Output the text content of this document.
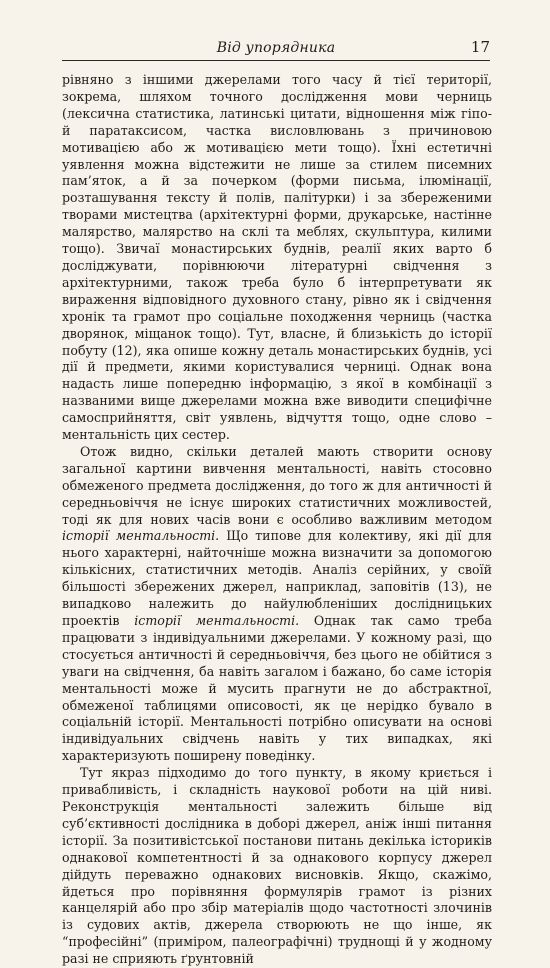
Від упорядника	17

рівняно з іншими джерелами того часу й тієї території, зокрема, шляхом точного дослідження мови черниць (лексична статистика, латинські цитати, відношення між гіпо- й паратаксисом, частка висловлювань з причиновою мотивацією або ж мотивацією мети тощо). Їхні естетичні уявлення можна відстежити не лише за стилем писемних пам’яток, а й за почерком (форми письма, ілюмінації, розташування тексту й полів, палітурки) і за збереженими творами мистецтва (архітектурні форми, друкарське, настінне малярство, малярство на склі та меблях, скульптура, килими тощо). Звичаї монастирських буднів, реалії яких варто б досліджувати, порівнюючи літературні свідчення з архітектурними, також треба було б інтерпретувати як вираження відповідного духовного стану, рівно як і свідчення хронік та грамот про соціальне походження черниць (частка дворянок, міщанок тощо). Тут, власне, й близькість до історії побуту (12), яка опише кожну деталь монастирських буднів, усі дії й предмети, якими користувалися черниці. Однак вона надасть лише попередню інформацію, з якої в комбінації з названими вище джерелами можна вже виводити специфічне самосприйняття, світ уявлень, відчуття тощо, одне слово – ментальність цих сестер.

Отож видно, скільки деталей мають створити основу загальної картини вивчення ментальності, навіть стосовно обмеженого предмета дослідження, до того ж для античності й середньовіччя не існує широких статистичних можливостей, тоді як для нових часів вони є особливо важливим методом історії ментальності. Що типове для колективу, які дії для нього характерні, найточніше можна визначити за допомогою кількісних, статистичних методів. Аналіз серійних, у своїй більшості збережених джерел, наприклад, заповітів (13), не випадково належить до найулюбленіших дослідницьких проектів історії ментальності. Однак так само треба працювати з індивідуальними джерелами. У кожному разі, що стосується античності й середньовіччя, без цього не обійтися з уваги на свідчення, ба навіть загалом і бажано, бо саме історія ментальності може й мусить прагнути не до абстрактної, обмеженої таблицями описовості, як це нерідко бувало в соціальній історії. Ментальності потрібно описувати на основі індивідуальних свідчень навіть у тих випадках, які характеризують поширену поведінку.

Тут якраз підходимо до того пункту, в якому криється і привабливість, і складність наукової роботи на цій ниві. Реконструкція ментальності залежить більше від суб’єктивності дослідника в доборі джерел, аніж інші питання історії. За позитивістської постанови питань декілька істориків однакової компетентності й за однакового корпусу джерел дійдуть переважно однакових висновків. Якщо, скажімо, йдеться про порівняння формулярів грамот із різних канцелярій або про збір матеріалів щодо частотності злочинів із судових актів, джерела створюють не що інше, як “професійні” (приміром, палеографічні) труднощі й у жодному разі не сприяють ґрунтовній
